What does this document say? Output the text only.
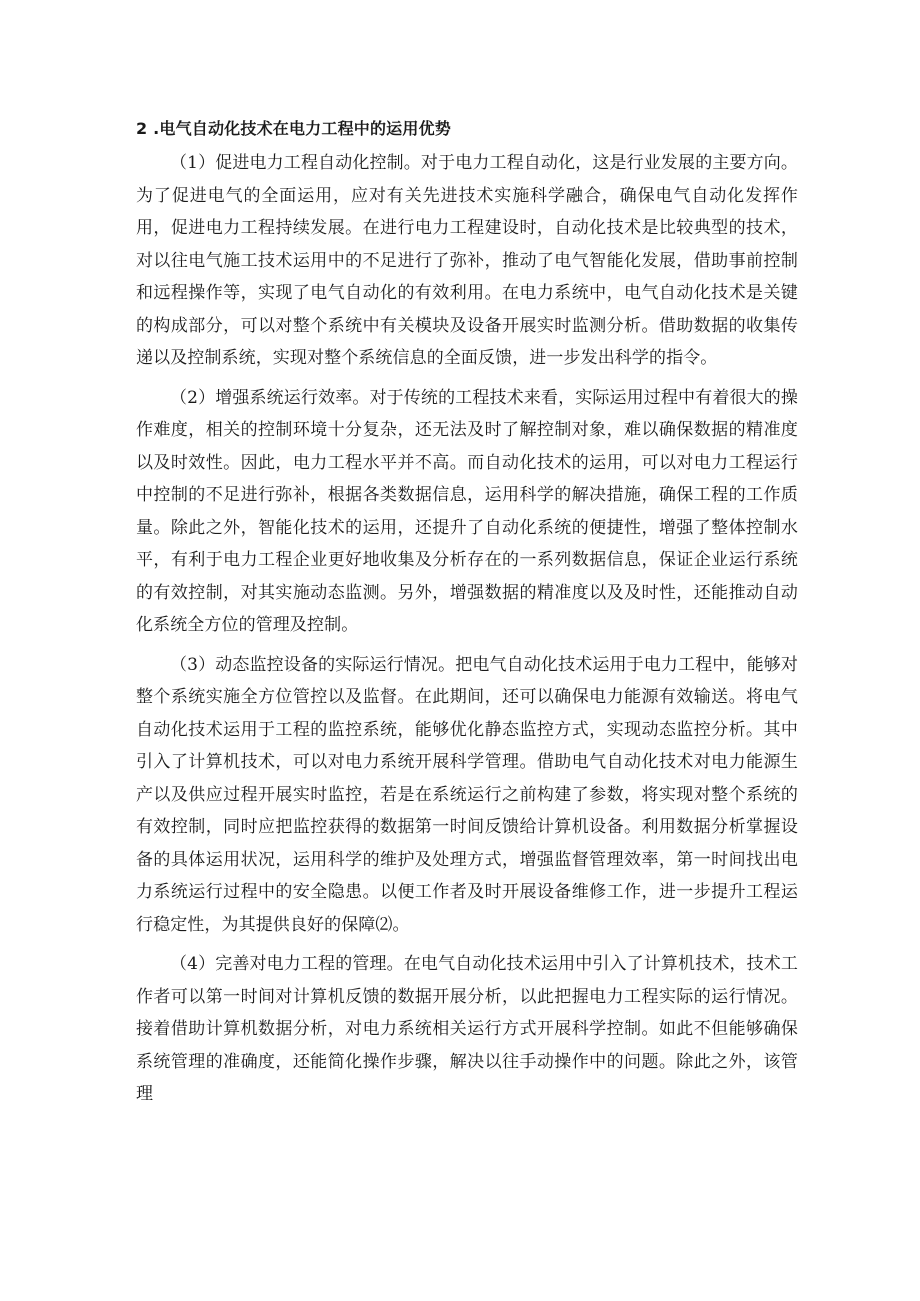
2 .电气自动化技术在电力工程中的运用优势

（1）促进电力工程自动化控制。对于电力工程自动化，这是行业发展的主要方向。为了促进电气的全面运用，应对有关先进技术实施科学融合，确保电气自动化发挥作用，促进电力工程持续发展。在进行电力工程建设时，自动化技术是比较典型的技术，对以往电气施工技术运用中的不足进行了弥补，推动了电气智能化发展，借助事前控制和远程操作等，实现了电气自动化的有效利用。在电力系统中，电气自动化技术是关键的构成部分，可以对整个系统中有关模块及设备开展实时监测分析。借助数据的收集传递以及控制系统，实现对整个系统信息的全面反馈，进一步发出科学的指令。

（2）增强系统运行效率。对于传统的工程技术来看，实际运用过程中有着很大的操作难度，相关的控制环境十分复杂，还无法及时了解控制对象，难以确保数据的精准度以及时效性。因此，电力工程水平并不高。而自动化技术的运用，可以对电力工程运行中控制的不足进行弥补，根据各类数据信息，运用科学的解决措施，确保工程的工作质量。除此之外，智能化技术的运用，还提升了自动化系统的便捷性，增强了整体控制水平，有利于电力工程企业更好地收集及分析存在的一系列数据信息，保证企业运行系统的有效控制，对其实施动态监测。另外，增强数据的精准度以及及时性，还能推动自动化系统全方位的管理及控制。

（3）动态监控设备的实际运行情况。把电气自动化技术运用于电力工程中，能够对整个系统实施全方位管控以及监督。在此期间，还可以确保电力能源有效输送。将电气自动化技术运用于工程的监控系统，能够优化静态监控方式，实现动态监控分析。其中引入了计算机技术，可以对电力系统开展科学管理。借助电气自动化技术对电力能源生产以及供应过程开展实时监控，若是在系统运行之前构建了参数，将实现对整个系统的有效控制，同时应把监控获得的数据第一时间反馈给计算机设备。利用数据分析掌握设备的具体运用状况，运用科学的维护及处理方式，增强监督管理效率，第一时间找出电力系统运行过程中的安全隐患。以便工作者及时开展设备维修工作，进一步提升工程运行稳定性，为其提供良好的保障⑵。

（4）完善对电力工程的管理。在电气自动化技术运用中引入了计算机技术，技术工作者可以第一时间对计算机反馈的数据开展分析，以此把握电力工程实际的运行情况。接着借助计算机数据分析，对电力系统相关运行方式开展科学控制。如此不但能够确保系统管理的准确度，还能简化操作步骤，解决以往手动操作中的问题。除此之外，该管理
